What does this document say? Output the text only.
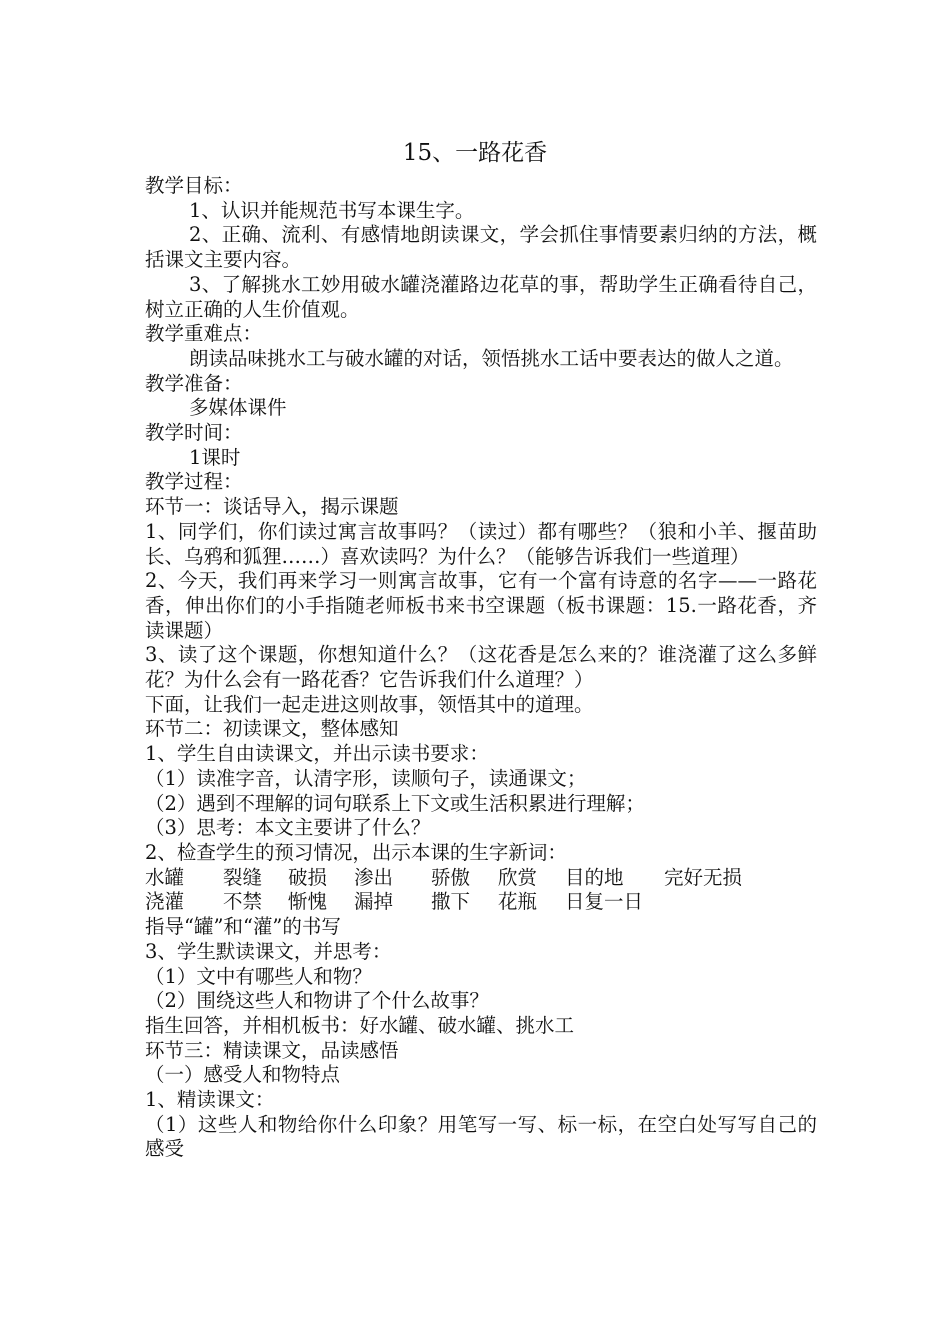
15、一路花香

教学目标：

1、认识并能规范书写本课生字。

2、正确、流利、有感情地朗读课文，学会抓住事情要素归纳的方法，概括课文主要内容。

3、了解挑水工妙用破水罐浇灌路边花草的事，帮助学生正确看待自己，树立正确的人生价值观。

教学重难点：

朗读品味挑水工与破水罐的对话，领悟挑水工话中要表达的做人之道。

教学准备：

多媒体课件

教学时间：

1课时

教学过程：

环节一：谈话导入，揭示课题

1、同学们，你们读过寓言故事吗？（读过）都有哪些？（狼和小羊、揠苗助长、乌鸦和狐狸……）喜欢读吗？为什么？（能够告诉我们一些道理）

2、今天，我们再来学习一则寓言故事，它有一个富有诗意的名字——一路花香，伸出你们的小手指随老师板书来书空课题（板书课题：15.一路花香，齐读课题）

3、读了这个课题，你想知道什么？（这花香是怎么来的？谁浇灌了这么多鲜花？为什么会有一路花香？它告诉我们什么道理？）

下面，让我们一起走进这则故事，领悟其中的道理。

环节二：初读课文，整体感知

1、学生自由读课文，并出示读书要求：

（1）读准字音，认清字形，读顺句子，读通课文；

（2）遇到不理解的词句联系上下文或生活积累进行理解；

（3）思考：本文主要讲了什么？

2、检查学生的预习情况，出示本课的生字新词：

水罐	裂缝	破损	渗出	骄傲	欣赏	目的地	完好无损
浇灌	不禁	惭愧	漏掉	撒下	花瓶	日复一日

指导“罐”和“灌”的书写

3、学生默读课文，并思考：

（1）文中有哪些人和物？

（2）围绕这些人和物讲了个什么故事？

指生回答，并相机板书：好水罐、破水罐、挑水工

环节三：精读课文，品读感悟

（一）感受人和物特点

1、精读课文：

（1）这些人和物给你什么印象？用笔写一写、标一标，在空白处写写自己的感受
